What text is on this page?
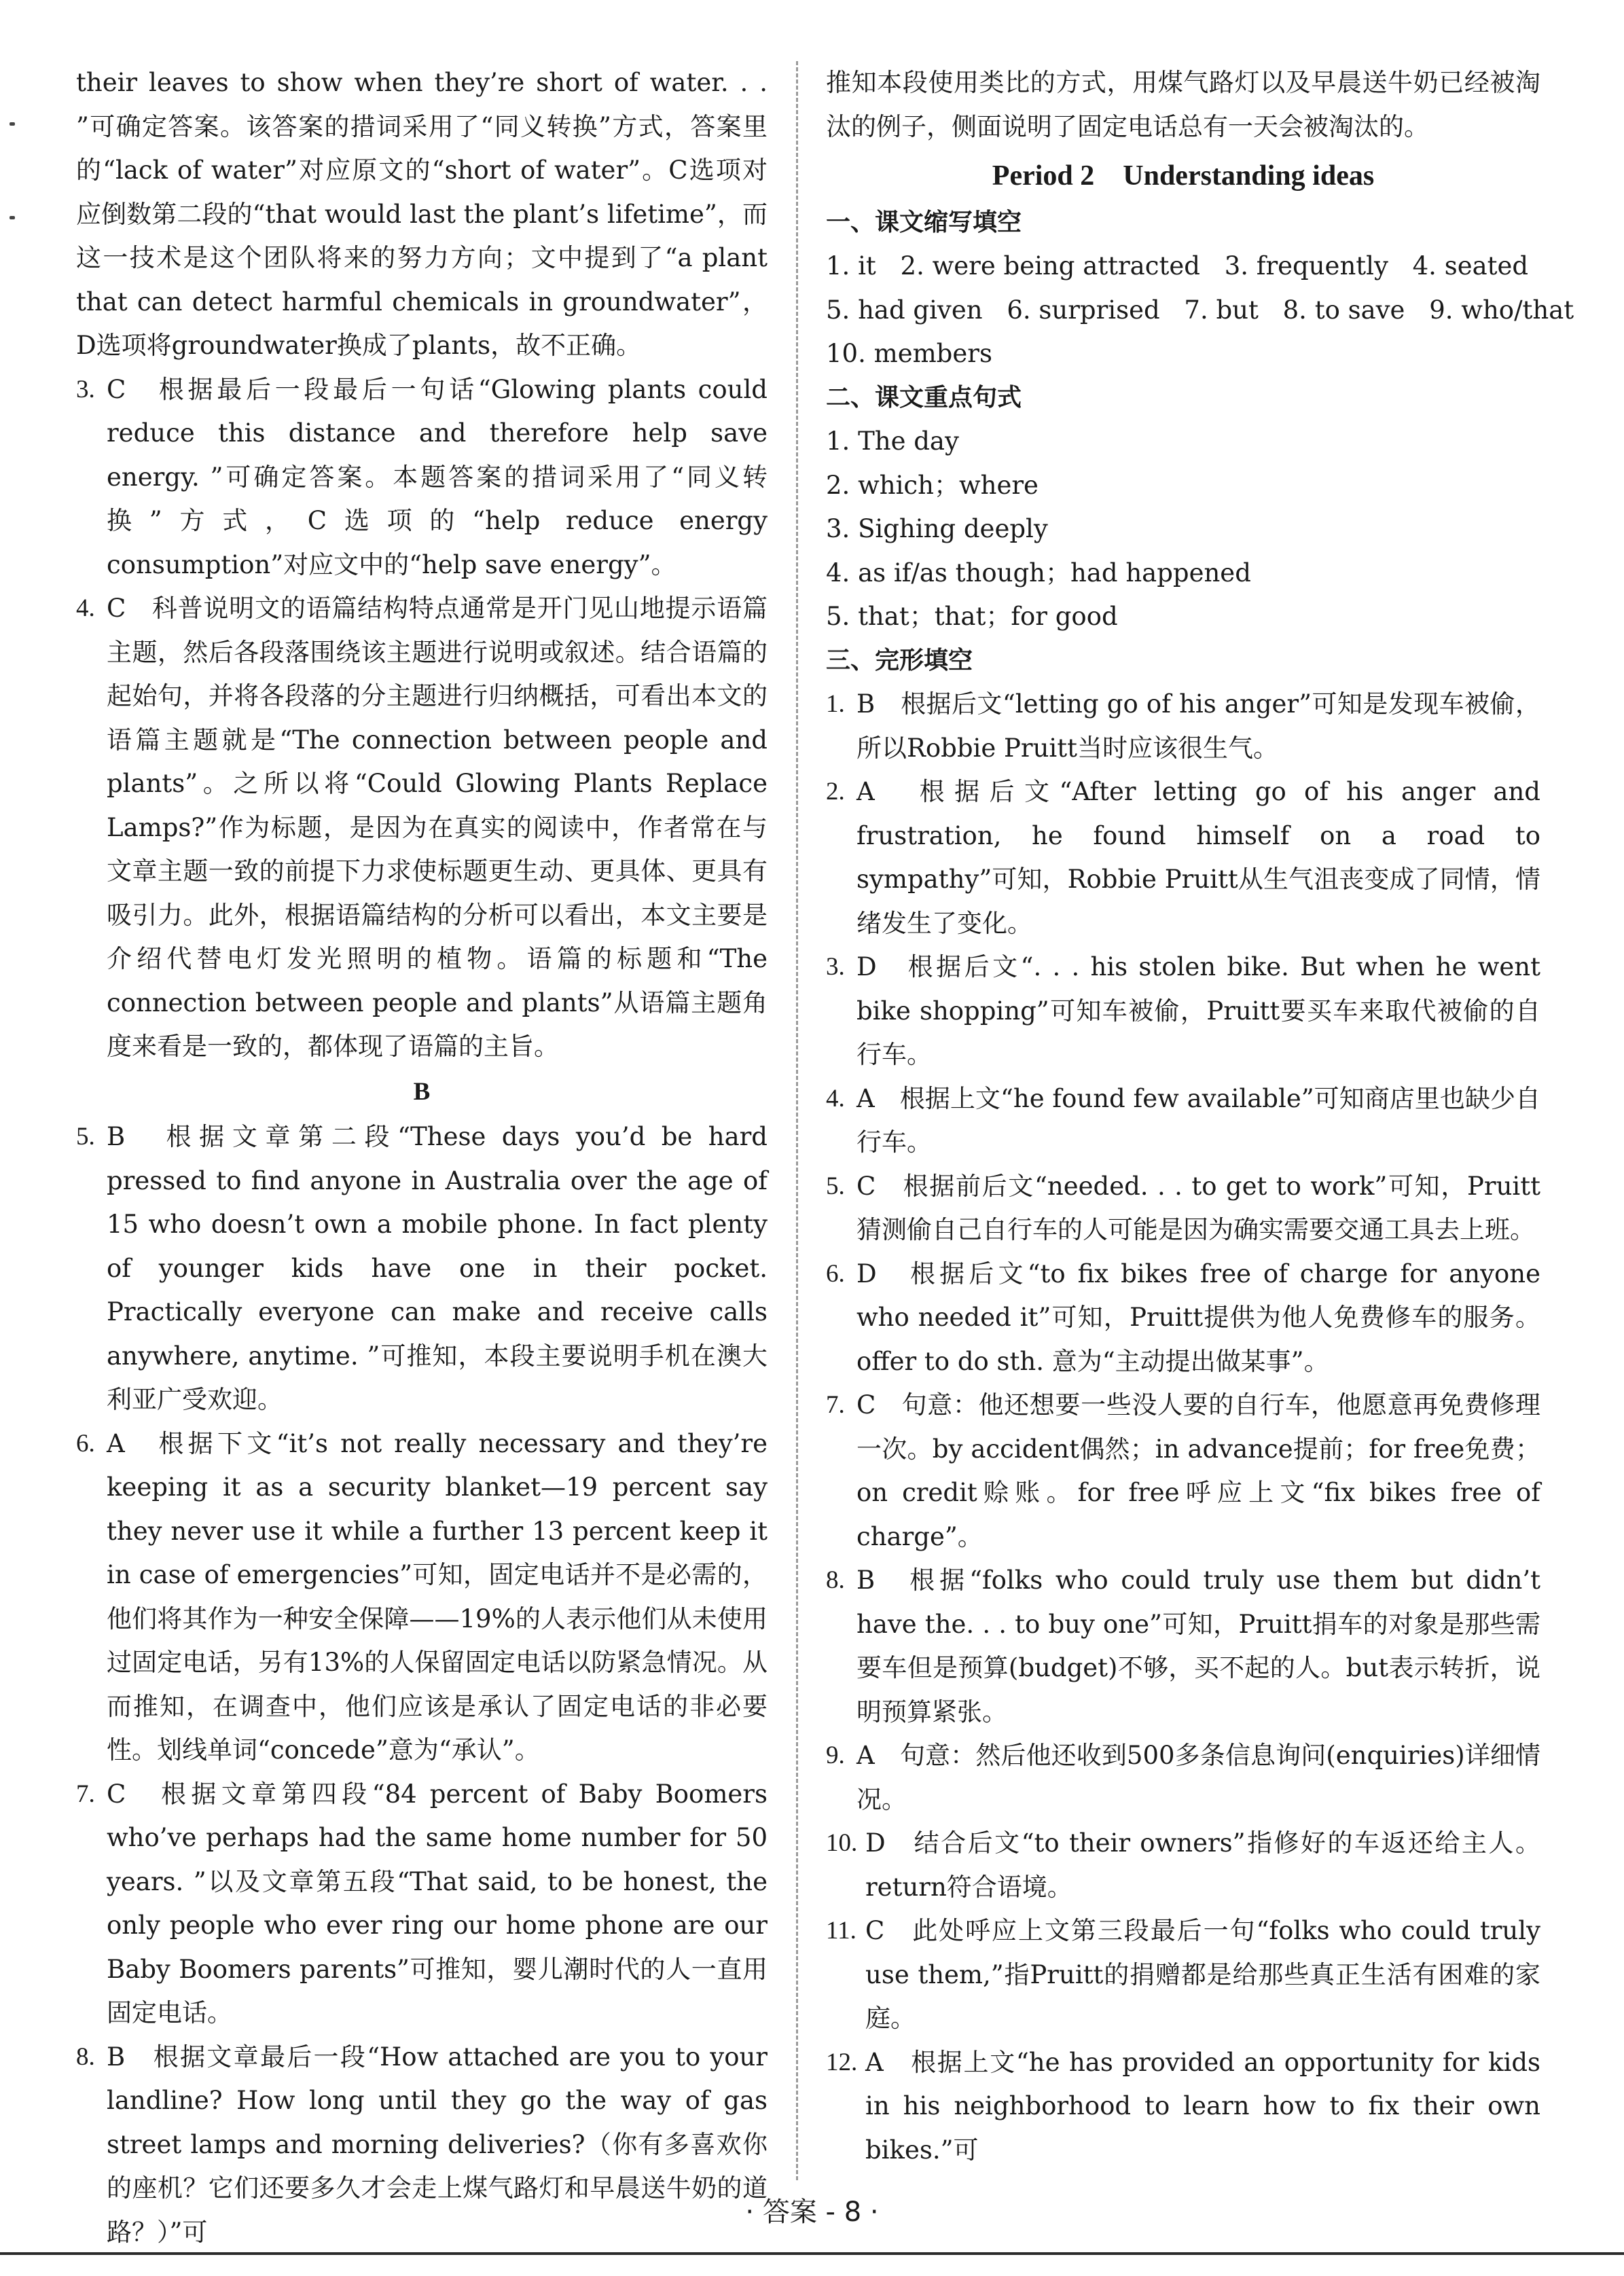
their leaves to show when they’re short of water. . . ”可确定答案。该答案的措词采用了“同义转换”方式，答案里的“lack of water”对应原文的“short of water”。C选项对应倒数第二段的“that would last the plant’s lifetime”，而这一技术是这个团队将来的努力方向；文中提到了“a plant that can detect harmful chemicals in groundwater”，D选项将groundwater换成了plants，故不正确。

3. C　根据最后一段最后一句话“Glowing plants could reduce this distance and therefore help save energy. ”可确定答案。本题答案的措词采用了“同义转换”方式，C选项的“help reduce energy consumption”对应文中的“help save energy”。
4. C　科普说明文的语篇结构特点通常是开门见山地提示语篇主题，然后各段落围绕该主题进行说明或叙述。结合语篇的起始句，并将各段落的分主题进行归纳概括，可看出本文的语篇主题就是“The connection between people and plants”。之所以将“Could Glowing Plants Replace Lamps?”作为标题，是因为在真实的阅读中，作者常在与文章主题一致的前提下力求使标题更生动、更具体、更具有吸引力。此外，根据语篇结构的分析可以看出，本文主要是介绍代替电灯发光照明的植物。语篇的标题和“The connection between people and plants”从语篇主题角度来看是一致的，都体现了语篇的主旨。
B
5. B　根据文章第二段“These days you’d be hard pressed to find anyone in Australia over the age of 15 who doesn’t own a mobile phone. In fact plenty of younger kids have one in their pocket. Practically everyone can make and receive calls anywhere, anytime. ”可推知，本段主要说明手机在澳大利亚广受欢迎。
6. A　根据下文“it’s not really necessary and they’re keeping it as a security blanket—19 percent say they never use it while a further 13 percent keep it in case of emergencies”可知，固定电话并不是必需的，他们将其作为一种安全保障——19%的人表示他们从未使用过固定电话，另有13%的人保留固定电话以防紧急情况。从而推知，在调查中，他们应该是承认了固定电话的非必要性。划线单词“concede”意为“承认”。
7. C　根据文章第四段“84 percent of Baby Boomers who’ve perhaps had the same home number for 50 years. ”以及文章第五段“That said, to be honest, the only people who ever ring our home phone are our Baby Boomers parents”可推知，婴儿潮时代的人一直用固定电话。
8. B　根据文章最后一段“How attached are you to your landline? How long until they go the way of gas street lamps and morning deliveries?（你有多喜欢你的座机？它们还要多久才会走上煤气路灯和早晨送牛奶的道路？）”可

推知本段使用类比的方式，用煤气路灯以及早晨送牛奶已经被淘汰的例子，侧面说明了固定电话总有一天会被淘汰的。

Period 2　Understanding ideas

一、课文缩写填空

1. it 2. were being attracted 3. frequently 4. seated

5. had given 6. surprised 7. but 8. to save 9. who/that

10. members

二、课文重点句式

1. The day

2. which；where

3. Sighing deeply

4. as if/as though；had happened

5. that；that；for good

三、完形填空

1. B　根据后文“letting go of his anger”可知是发现车被偷，所以Robbie Pruitt当时应该很生气。
2. A　根据后文“After letting go of his anger and frustration, he found himself on a road to sympathy”可知，Robbie Pruitt从生气沮丧变成了同情，情绪发生了变化。
3. D　根据后文“. . . his stolen bike. But when he went bike shopping”可知车被偷，Pruitt要买车来取代被偷的自行车。
4. A　根据上文“he found few available”可知商店里也缺少自行车。
5. C　根据前后文“needed. . . to get to work”可知，Pruitt猜测偷自己自行车的人可能是因为确实需要交通工具去上班。
6. D　根据后文“to fix bikes free of charge for anyone who needed it”可知，Pruitt提供为他人免费修车的服务。offer to do sth. 意为“主动提出做某事”。
7. C　句意：他还想要一些没人要的自行车，他愿意再免费修理一次。by accident偶然；in advance提前；for free免费；on credit赊账。for free呼应上文“fix bikes free of charge”。
8. B　根据“folks who could truly use them but didn’t have the. . . to buy one”可知，Pruitt捐车的对象是那些需要车但是预算(budget)不够，买不起的人。but表示转折，说明预算紧张。
9. A　句意：然后他还收到500多条信息询问(enquiries)详细情况。
10. D　结合后文“to their owners”指修好的车返还给主人。return符合语境。
11. C　此处呼应上文第三段最后一句“folks who could truly use them,”指Pruitt的捐赠都是给那些真正生活有困难的家庭。
12. A　根据上文“he has provided an opportunity for kids in his neighborhood to learn how to fix their own bikes.”可
· 答案 - 8 ·
